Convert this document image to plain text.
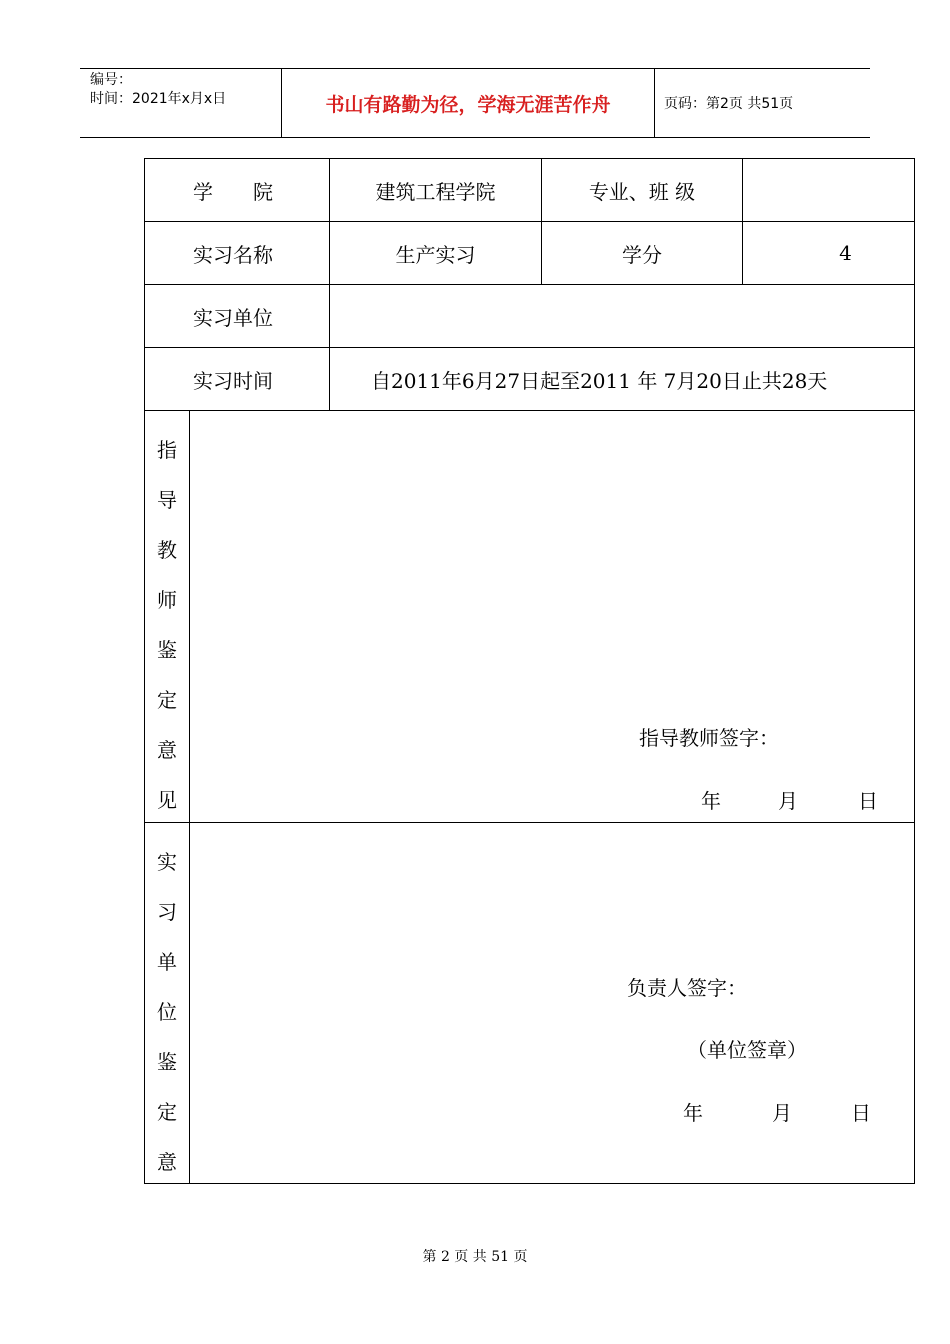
编号：
时间：2021年x月x日	书山有路勤为径，学海无涯苦作舟	页码：第2页 共51页
学　　院	建筑工程学院	专业、班 级
实习名称	生产实习	学分	4
实习单位
实习时间	自2011年6月27日起至2011 年 7月20日止共28天
指
导
教
师
鉴
定
意
见
指导教师签字：
年	月	日
实
习
单
位
鉴
定
意
负责人签字：
（单位签章）
年	月	日
第 2 页 共 51 页
